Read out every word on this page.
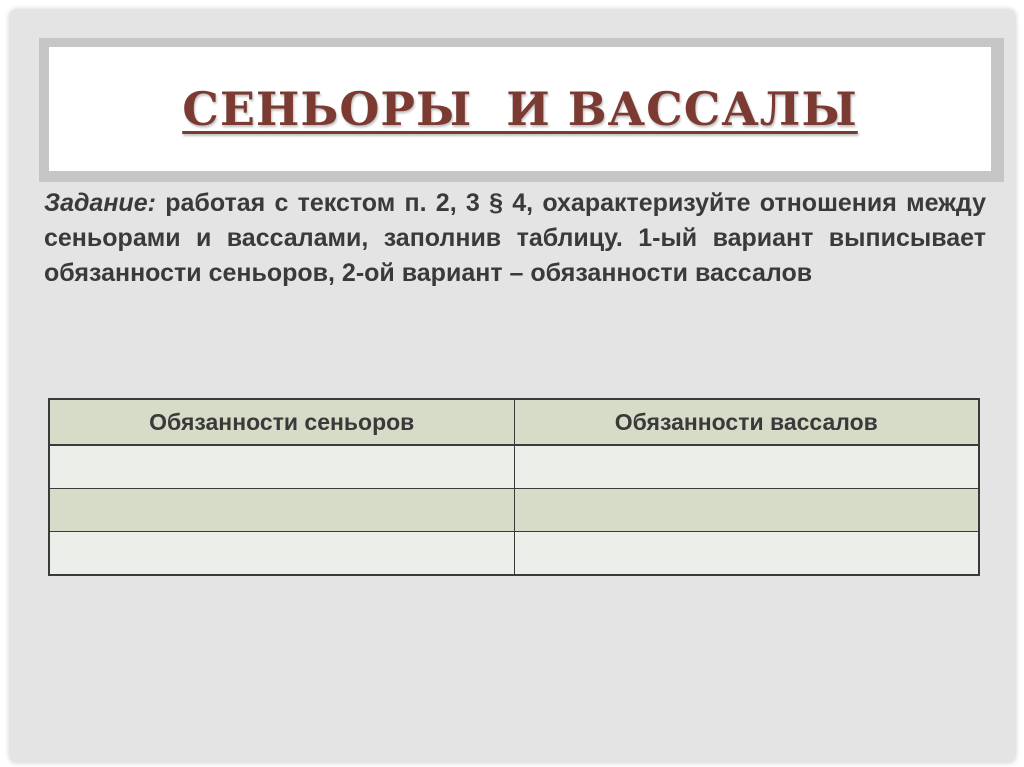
СЕНЬОРЫ  И ВАССАЛЫ
Задание: работая с текстом п. 2, 3 § 4, охарактеризуйте отношения между сеньорами и вассалами, заполнив таблицу. 1-ый вариант выписывает обязанности сеньоров, 2-ой вариант – обязанности вассалов
Обязанности сеньоров	Обязанности вассалов
